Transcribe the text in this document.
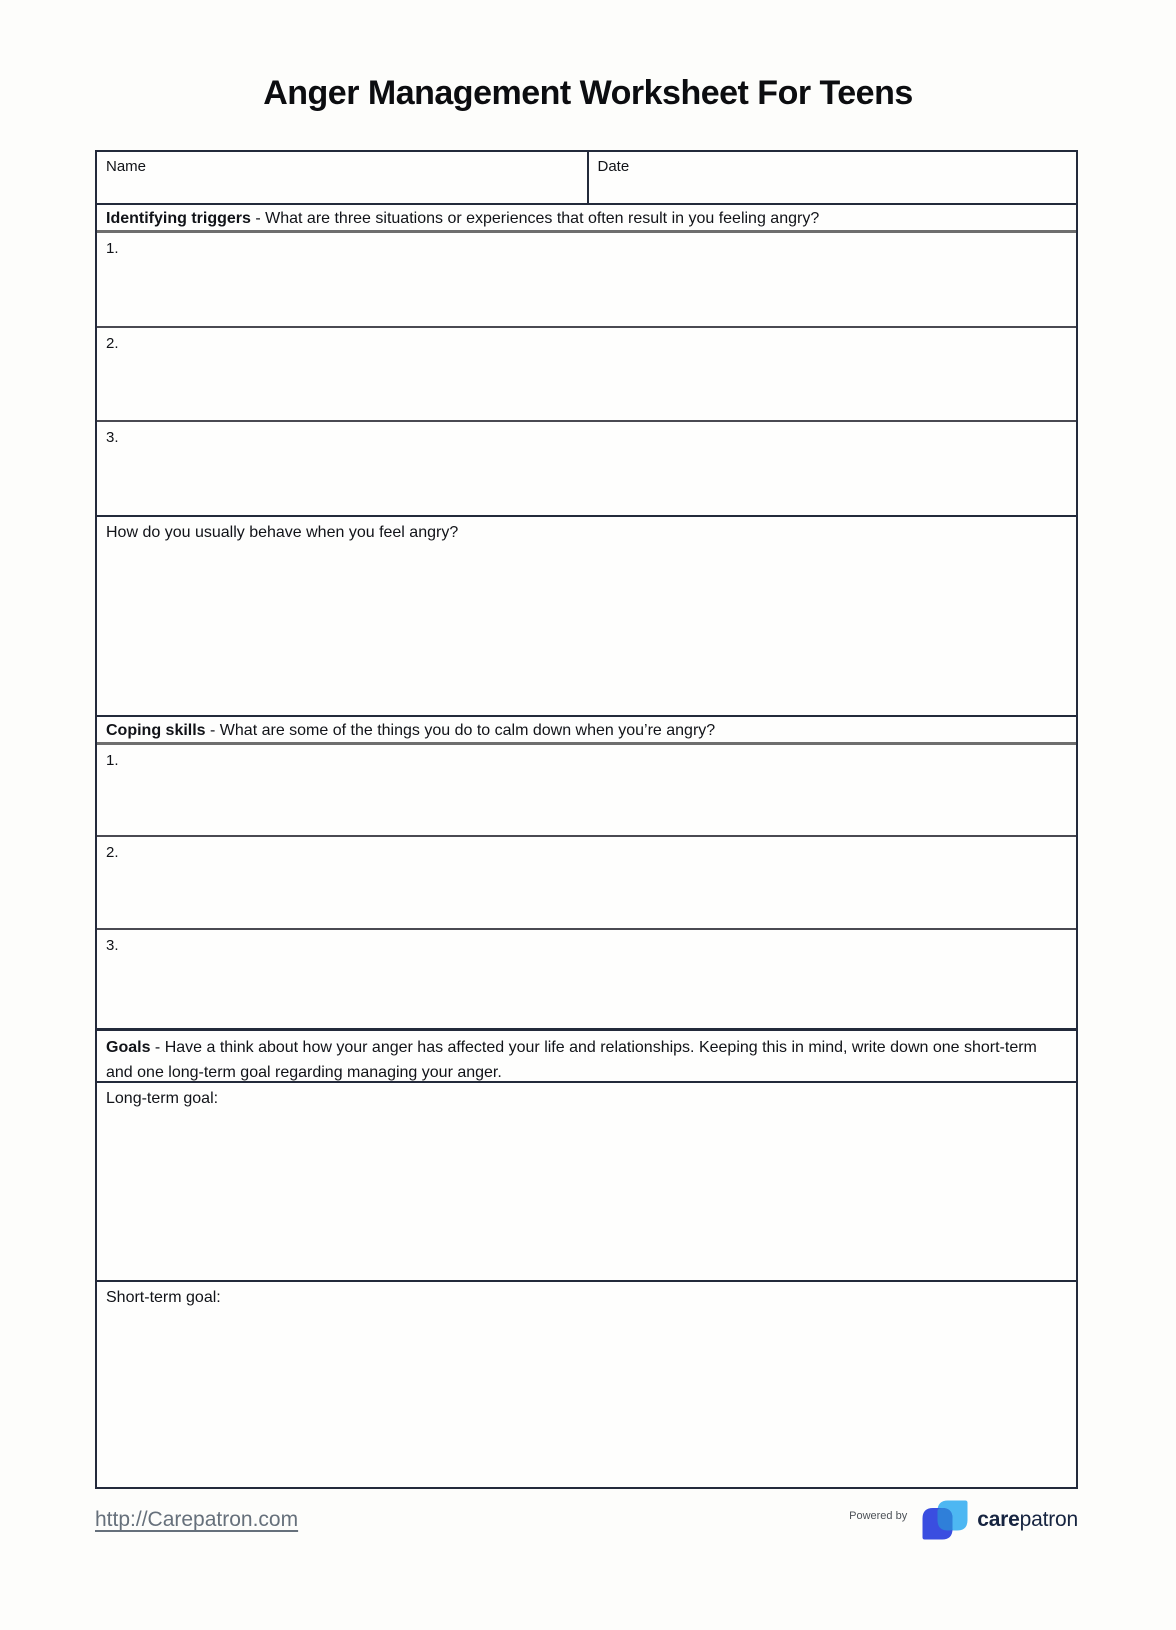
Anger Management Worksheet For Teens
Name	Date
Identifying triggers - What are three situations or experiences that often result in you feeling angry?
1.
2.
3.
How do you usually behave when you feel angry?
Coping skills - What are some of the things you do to calm down when you’re angry?
1.
2.
3.
Goals - Have a think about how your anger has affected your life and relationships. Keeping this in mind, write down one short-term and one long-term goal regarding managing your anger.
Long-term goal:
Short-term goal:
http://Carepatron.com	Powered by	carepatron
